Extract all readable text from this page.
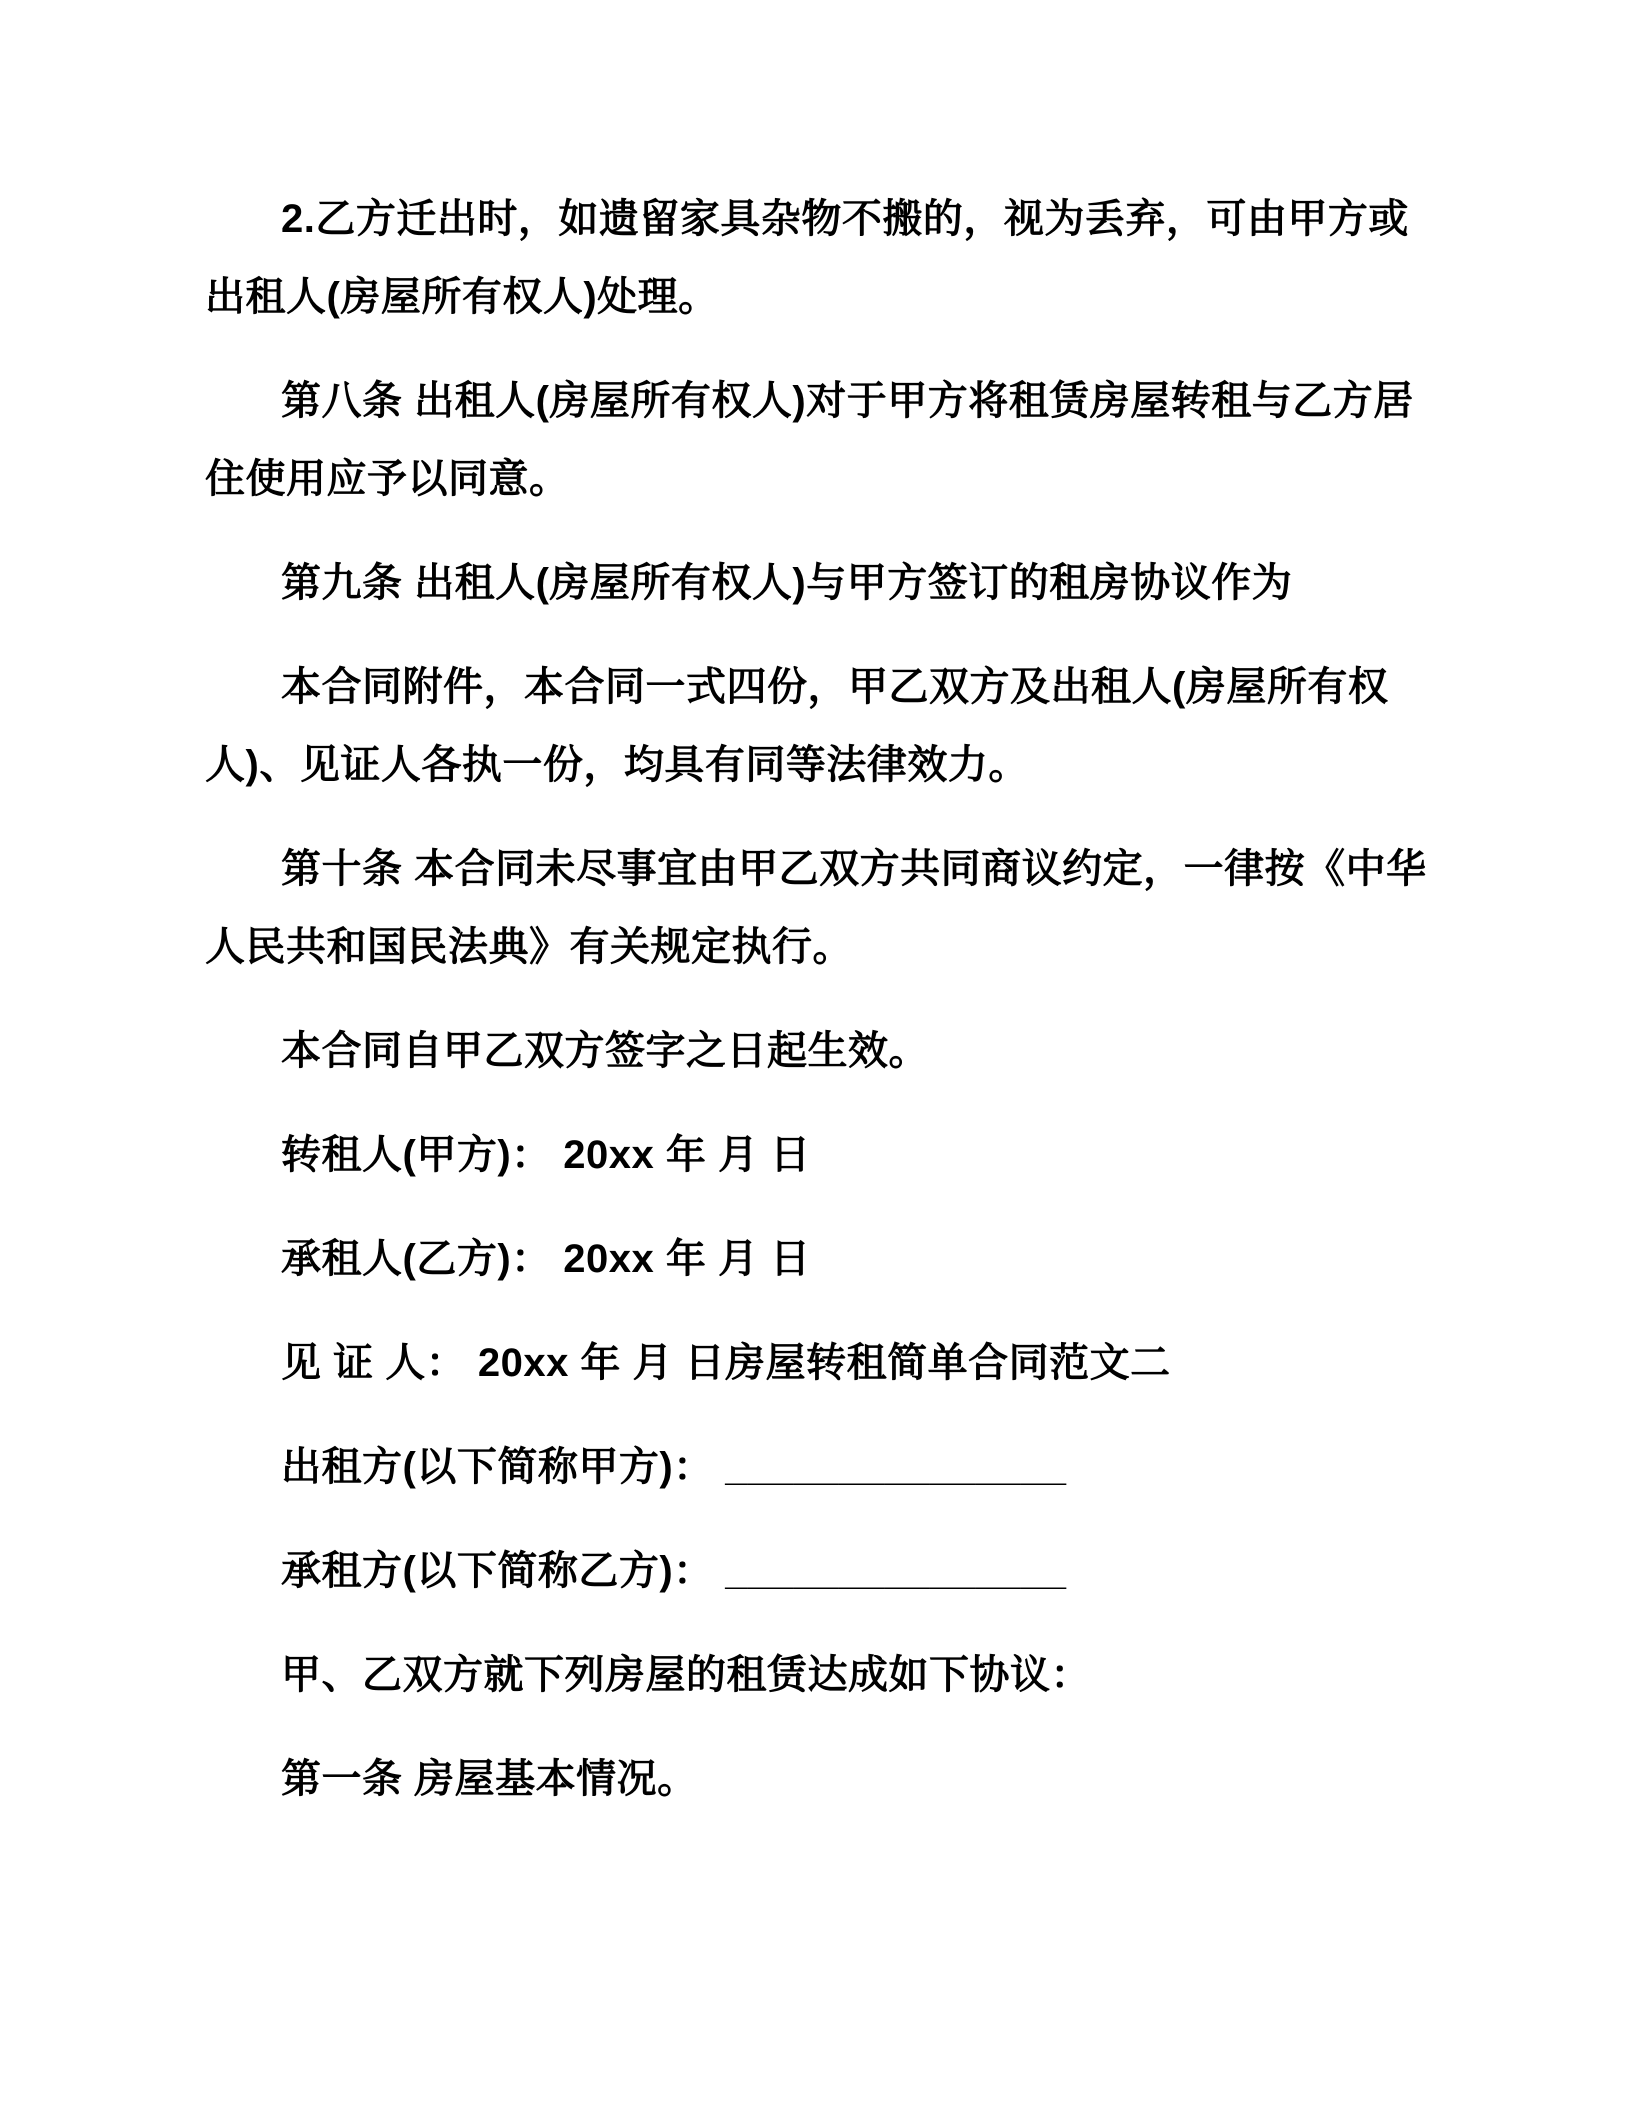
2.乙方迁出时，如遗留家具杂物不搬的，视为丢弃，可由甲方或
出租人(房屋所有权人)处理。
第八条 出租人(房屋所有权人)对于甲方将租赁房屋转租与乙方居
住使用应予以同意。
第九条 出租人(房屋所有权人)与甲方签订的租房协议作为
本合同附件，本合同一式四份，甲乙双方及出租人(房屋所有权
人)、见证人各执一份，均具有同等法律效力。
第十条 本合同未尽事宜由甲乙双方共同商议约定，一律按《中华
人民共和国民法典》有关规定执行。
本合同自甲乙双方签字之日起生效。
转租人(甲方)： 20xx 年 月 日
承租人(乙方)： 20xx 年 月 日
见 证 人： 20xx 年 月 日房屋转租简单合同范文二
出租方(以下简称甲方)： _______________
承租方(以下简称乙方)： _______________
甲、乙双方就下列房屋的租赁达成如下协议：
第一条 房屋基本情况。
